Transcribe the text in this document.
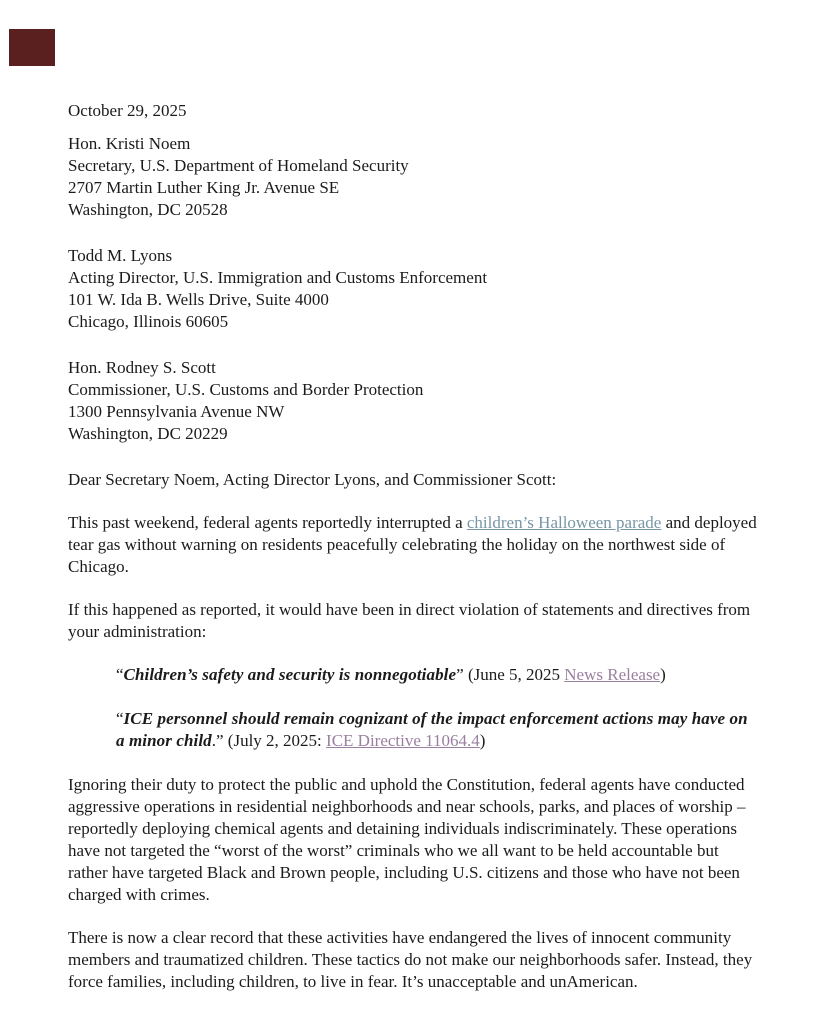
October 29, 2025

Hon. Kristi Noem
Secretary, U.S. Department of Homeland Security
2707 Martin Luther King Jr. Avenue SE
Washington, DC 20528
Todd M. Lyons
Acting Director, U.S. Immigration and Customs Enforcement
101 W. Ida B. Wells Drive, Suite 4000
Chicago, Illinois 60605
Hon. Rodney S. Scott
Commissioner, U.S. Customs and Border Protection
1300 Pennsylvania Avenue NW
Washington, DC 20229

Dear Secretary Noem, Acting Director Lyons, and Commissioner Scott:

This past weekend, federal agents reportedly interrupted a children’s Halloween parade and deployed tear gas without warning on residents peacefully celebrating the holiday on the northwest side of Chicago.

If this happened as reported, it would have been in direct violation of statements and directives from your administration:

“Children’s safety and security is nonnegotiable” (June 5, 2025 News Release)

“ICE personnel should remain cognizant of the impact enforcement actions may have on a minor child.” (July 2, 2025: ICE Directive 11064.4)

Ignoring their duty to protect the public and uphold the Constitution, federal agents have conducted aggressive operations in residential neighborhoods and near schools, parks, and places of worship – reportedly deploying chemical agents and detaining individuals indiscriminately. These operations have not targeted the “worst of the worst” criminals who we all want to be held accountable but rather have targeted Black and Brown people, including U.S. citizens and those who have not been charged with crimes.

There is now a clear record that these activities have endangered the lives of innocent community members and traumatized children. These tactics do not make our neighborhoods safer. Instead, they force families, including children, to live in fear. It’s unacceptable and unAmerican.
